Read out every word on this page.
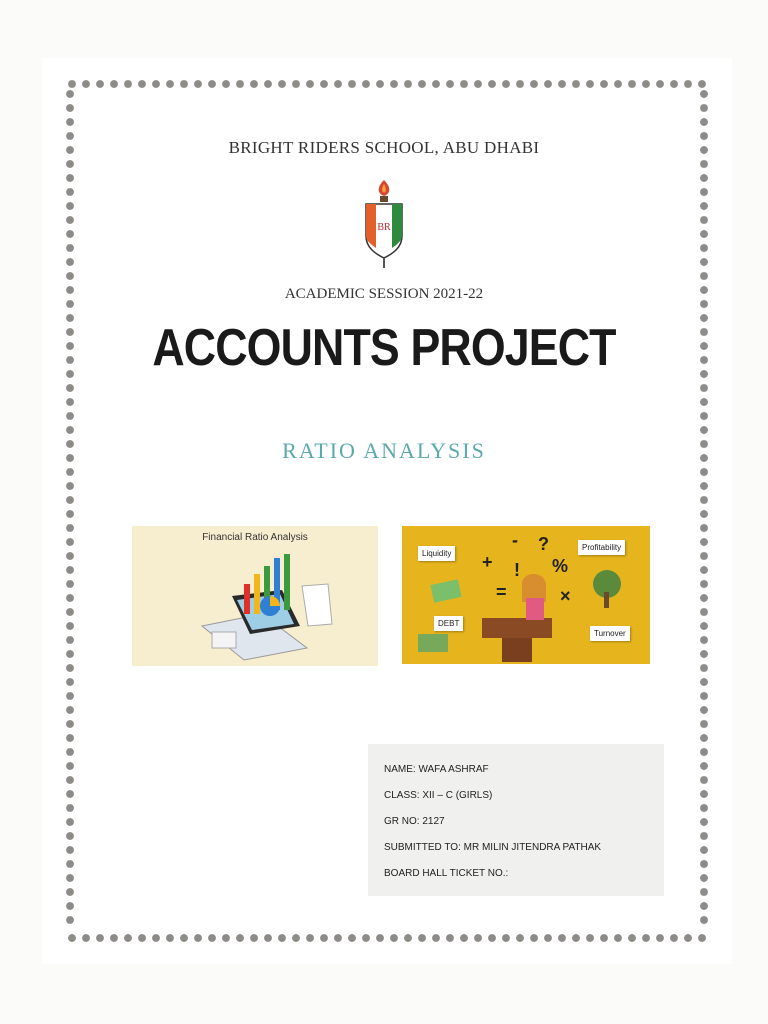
BRIGHT RIDERS SCHOOL, ABU DHABI
BR
ACADEMIC SESSION 2021-22
ACCOUNTS PROJECT
RATIO ANALYSIS
Financial Ratio Analysis
Liquidity
Profitability
DEBT
Turnover
- ?
+ ! %
=	×
NAME: WAFA ASHRAF
CLASS: XII – C (GIRLS)
GR NO: 2127
SUBMITTED TO: MR MILIN JITENDRA PATHAK
BOARD HALL TICKET NO.:
